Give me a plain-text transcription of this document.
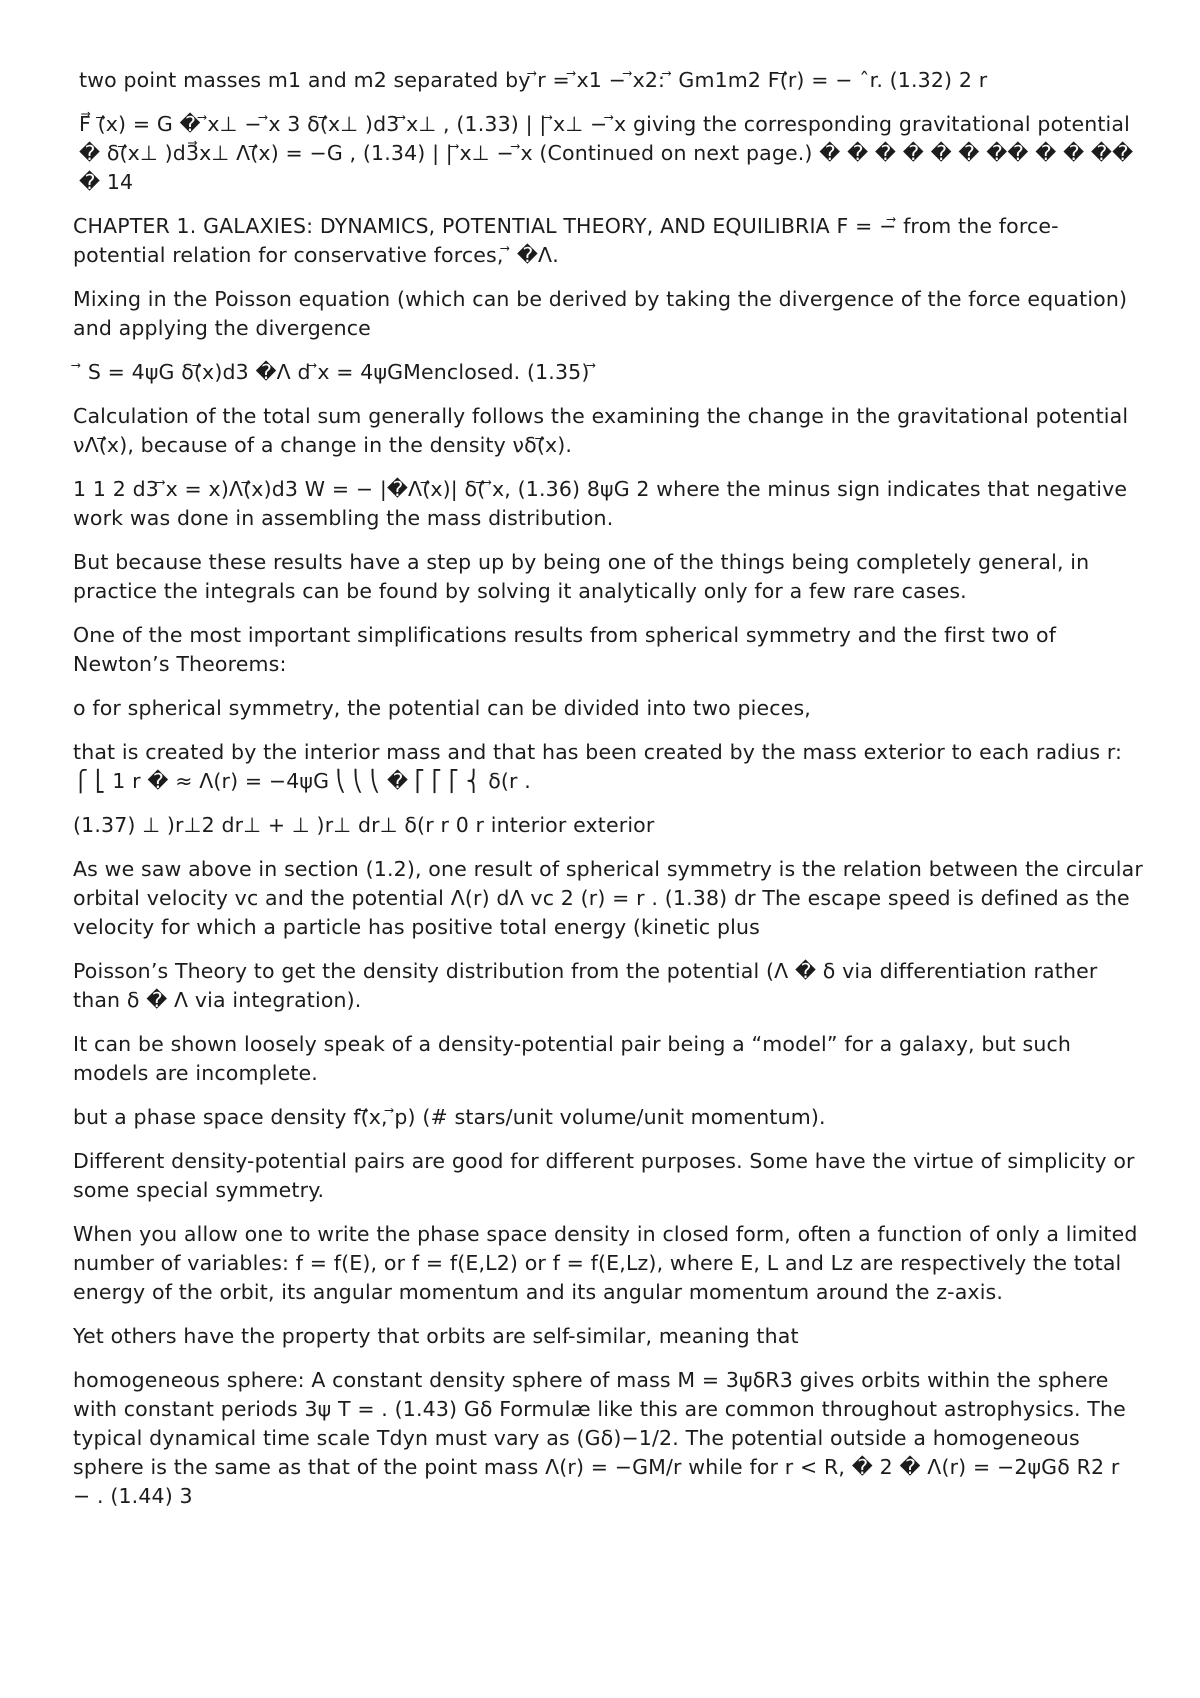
two point masses m1 and m2 separated by ⃗r = ⃗x1 − ⃗x2: ⃗ Gm1m2 F(⃗r) = − ˆr. (1.32) 2 r

F⃗ (⃗x) = G � ⃗x⊥ − ⃗x 3 δ(⃗x⊥ )d3 ⃗x⊥ , (1.33) | | ⃗x⊥ − ⃗x giving the corresponding gravitational potential � δ(⃗x⊥ )d3⃗x⊥ Λ(⃗x) = −G , (1.34) | | ⃗x⊥ − ⃗x (Continued on next page.) � � � � � � �� � � �� � 14

CHAPTER 1. GALAXIES: DYNAMICS, POTENTIAL THEORY, AND EQUILIBRIA F = −⃗ from the force-potential relation for conservative forces, ⃗ �Λ.

Mixing in the Poisson equation (which can be derived by taking the divergence of the force equation) and applying the divergence

⃗ S = 4ψG δ(⃗x)d3 �Λ d ⃗x = 4ψGMenclosed. (1.35) ⃗

Calculation of the total sum generally follows the examining the change in the gravitational potential νΛ(⃗x), because of a change in the density νδ(⃗x).

1 1 2 d3 ⃗x = x)Λ(⃗x)d3 W = − |�Λ(⃗x)| δ(⃗ ⃗x, (1.36) 8ψG 2 where the minus sign indicates that negative work was done in assembling the mass distribution.

But because these results have a step up by being one of the things being completely general, in practice the integrals can be found by solving it analytically only for a few rare cases.

One of the most important simplifications results from spherical symmetry and the first two of Newton’s Theorems:

o for spherical symmetry, the potential can be divided into two pieces,

that is created by the interior mass and that has been created by the mass exterior to each radius r: ⎧ ⎣ 1 r � ≈ Λ(r) = −4ψG ⎝ ⎝ ⎝ � ⎡ ⎡ ⎡ ⎨ δ(r .

(1.37) ⊥ )r⊥2 dr⊥ + ⊥ )r⊥ dr⊥ δ(r r 0 r interior exterior

As we saw above in section (1.2), one result of spherical symmetry is the relation between the circular orbital velocity vc and the potential Λ(r) dΛ vc 2 (r) = r . (1.38) dr The escape speed is defined as the velocity for which a particle has positive total energy (kinetic plus

Poisson’s Theory to get the density distribution from the potential (Λ � δ via differentiation rather than δ � Λ via integration).

It can be shown loosely speak of a density-potential pair being a “model” for a galaxy, but such models are incomplete.

but a phase space density f(⃗x, ⃗p) (# stars/unit volume/unit momentum).

Different density-potential pairs are good for different purposes. Some have the virtue of simplicity or some special symmetry.

When you allow one to write the phase space density in closed form, often a function of only a limited number of variables: f = f(E), or f = f(E,L2) or f = f(E,Lz), where E, L and Lz are respectively the total energy of the orbit, its angular momentum and its angular momentum around the z-axis.

Yet others have the property that orbits are self-similar, meaning that

homogeneous sphere: A constant density sphere of mass M = 3ψδR3 gives orbits within the sphere with constant periods 3ψ T = . (1.43) Gδ Formulæ like this are common throughout astrophysics. The typical dynamical time scale Tdyn must vary as (Gδ)−1/2. The potential outside a homogeneous sphere is the same as that of the point mass Λ(r) = −GM/r while for r < R, � 2 � Λ(r) = −2ψGδ R2 r − . (1.44) 3
